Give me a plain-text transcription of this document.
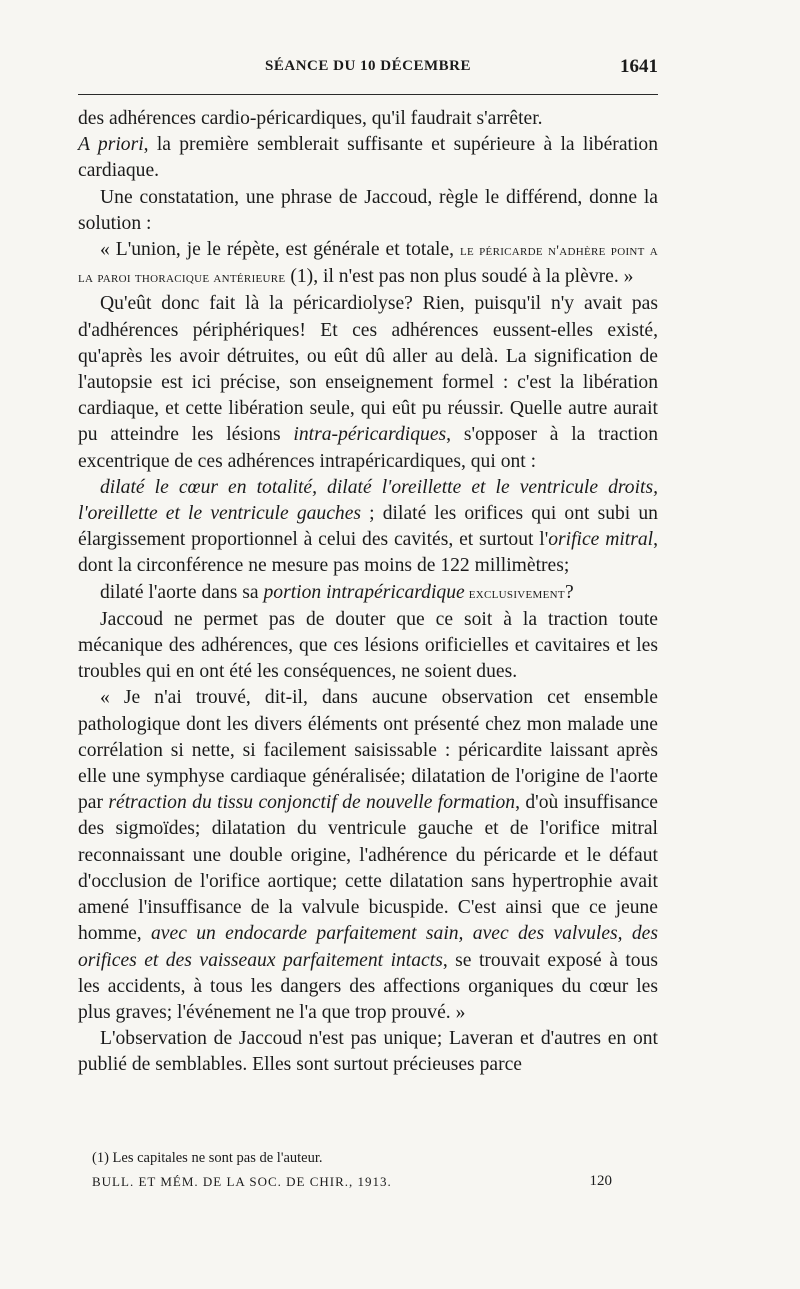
SÉANCE DU 10 DÉCEMBRE	1641

des adhérences cardio-péricardiques, qu'il faudrait s'arrêter.

A priori, la première semblerait suffisante et supérieure à la libération cardiaque.

Une constatation, une phrase de Jaccoud, règle le différend, donne la solution :

« L'union, je le répète, est générale et totale, le péricarde n'adhère point a la paroi thoracique antérieure (1), il n'est pas non plus soudé à la plèvre. »

Qu'eût donc fait là la péricardiolyse? Rien, puisqu'il n'y avait pas d'adhérences périphériques! Et ces adhérences eussent-elles existé, qu'après les avoir détruites, ou eût dû aller au delà. La signification de l'autopsie est ici précise, son enseignement formel : c'est la libération cardiaque, et cette libération seule, qui eût pu réussir. Quelle autre aurait pu atteindre les lésions intra-péricardiques, s'opposer à la traction excentrique de ces adhérences intrapéricardiques, qui ont :

dilaté le cœur en totalité, dilaté l'oreillette et le ventricule droits, l'oreillette et le ventricule gauches ; dilaté les orifices qui ont subi un élargissement proportionnel à celui des cavités, et surtout l'orifice mitral, dont la circonférence ne mesure pas moins de 122 millimètres;

dilaté l'aorte dans sa portion intrapéricardique exclusivement?

Jaccoud ne permet pas de douter que ce soit à la traction toute mécanique des adhérences, que ces lésions orificielles et cavitaires et les troubles qui en ont été les conséquences, ne soient dues.

« Je n'ai trouvé, dit-il, dans aucune observation cet ensemble pathologique dont les divers éléments ont présenté chez mon malade une corrélation si nette, si facilement saisissable : péricardite laissant après elle une symphyse cardiaque généralisée; dilatation de l'origine de l'aorte par rétraction du tissu conjonctif de nouvelle formation, d'où insuffisance des sigmoïdes; dilatation du ventricule gauche et de l'orifice mitral reconnaissant une double origine, l'adhérence du péricarde et le défaut d'occlusion de l'orifice aortique; cette dilatation sans hypertrophie avait amené l'insuffisance de la valvule bicuspide. C'est ainsi que ce jeune homme, avec un endocarde parfaitement sain, avec des valvules, des orifices et des vaisseaux parfaitement intacts, se trouvait exposé à tous les accidents, à tous les dangers des affections organiques du cœur les plus graves; l'événement ne l'a que trop prouvé. »

L'observation de Jaccoud n'est pas unique; Laveran et d'autres en ont publié de semblables. Elles sont surtout précieuses parce

(1) Les capitales ne sont pas de l'auteur.
BULL. ET MÉM. DE LA SOC. DE CHIR., 1913.	120
